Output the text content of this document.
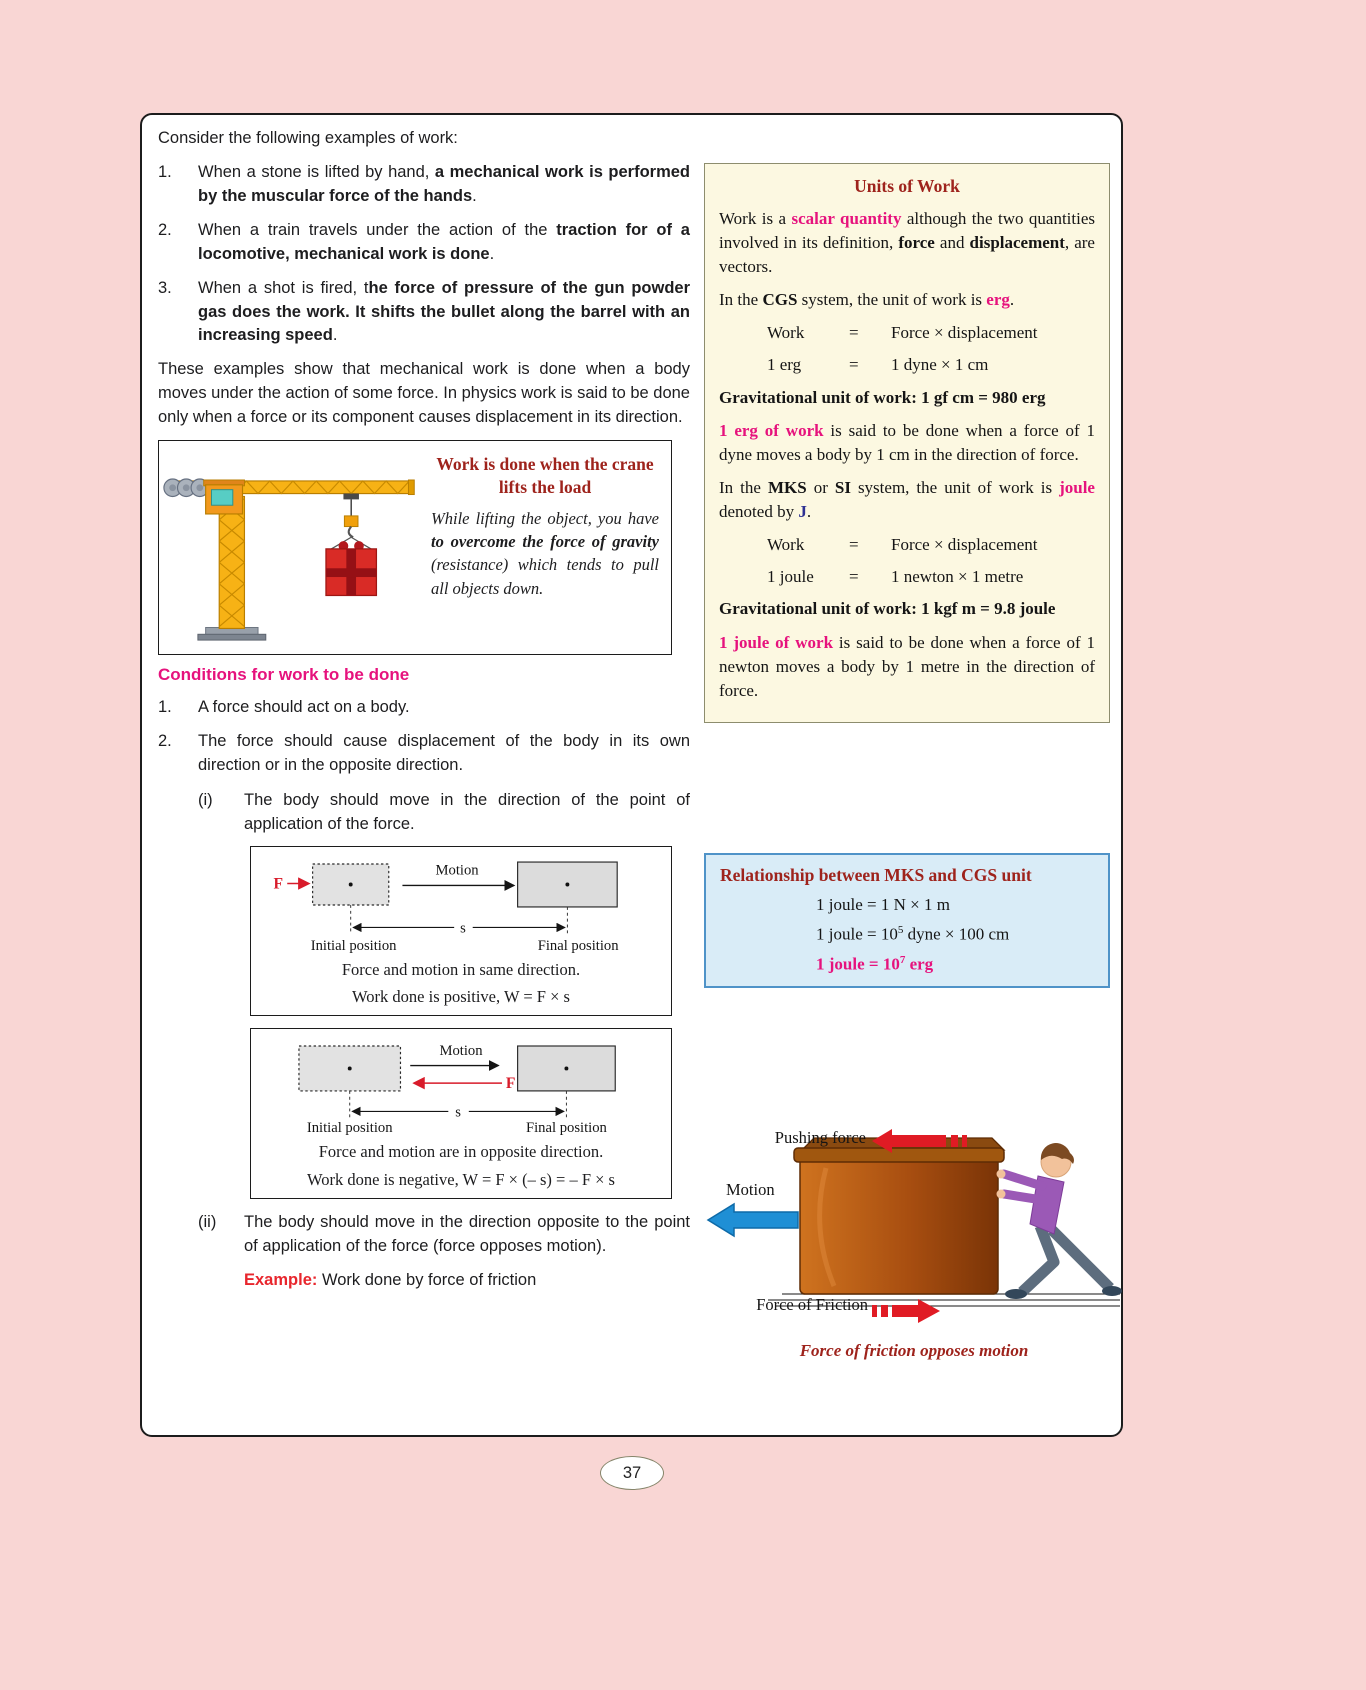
Consider the following examples of work:

1.	When a stone is lifted by hand, a mechanical work is performed by the muscular force of the hands.
2.	When a train travels under the action of the traction for of a locomotive, mechanical work is done.
3.	When a shot is fired, the force of pressure of the gun powder gas does the work. It shifts the bullet along the barrel with an increasing speed.

These examples show that mechanical work is done when a body moves under the action of some force. In physics work is said to be done only when a force or its component causes displacement in its direction.

Work is done when the crane lifts the load

While lifting the object, you have to overcome the force of gravity (resistance) which tends to pull all objects down.

Conditions for work to be done
1.	A force should act on a body.
2.	The force should cause displacement of the body in its own direction or in the opposite direction.
(i)	The body should move in the direction of the point of application of the force.
F
Motion
s
Initial position	Final position

Force and motion in same direction.

Work done is positive, W = F × s

Motion
F
s
Initial position	Final position

Force and motion are in opposite direction.

Work done is negative, W = F × (– s) = – F × s

(ii)	The body should move in the direction opposite to the point of application of the force (force opposes motion).

Example: Work done by force of friction

Units of Work

Work is a scalar quantity although the two quantities involved in its definition, force and displacement, are vectors.

In the CGS system, the unit of work is erg.

Work	=	Force × displacement
1 erg	=	1 dyne × 1 cm

Gravitational unit of work: 1 gf cm = 980 erg

1 erg of work is said to be done when a force of 1 dyne moves a body by 1 cm in the direction of force.

In the MKS or SI system, the unit of work is joule denoted by J.

Work	=	Force × displacement
1 joule	=	1 newton × 1 metre

Gravitational unit of work: 1 kgf m = 9.8 joule

1 joule of work is said to be done when a force of 1 newton moves a body by 1 metre in the direction of force.

Relationship between MKS and CGS unit

1 joule = 1 N × 1 m

1 joule = $10^5$ dyne × 100 cm

1 joule = $10^7$ erg

Pushing force
Motion
Force of Friction

Force of friction opposes motion

37
